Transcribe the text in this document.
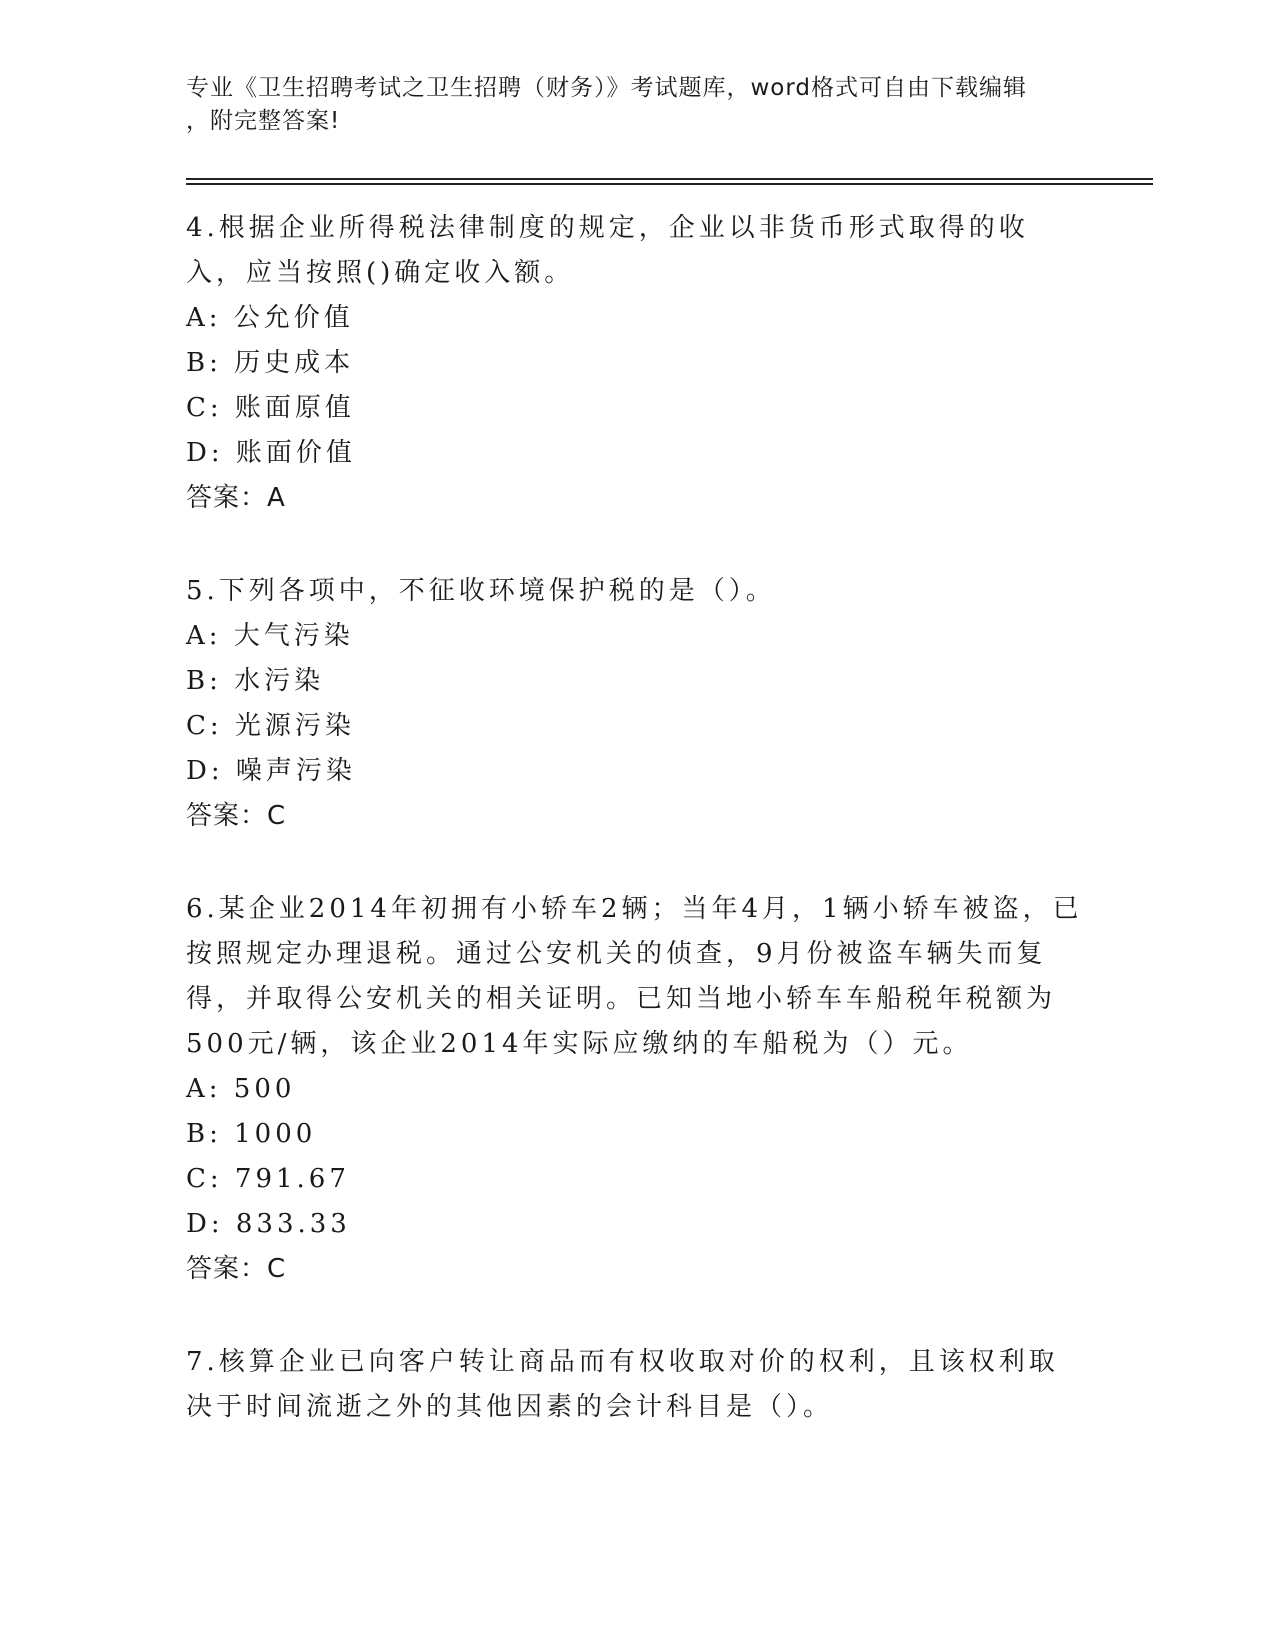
专业《卫生招聘考试之卫生招聘（财务）》考试题库，word格式可自由下载编辑
，附完整答案!

4.根据企业所得税法律制度的规定，企业以非货币形式取得的收入，应当按照()确定收入额。

A: 公允价值
B: 历史成本
C: 账面原值
D: 账面价值
答案：A

5.下列各项中，不征收环境保护税的是（）。

A: 大气污染
B: 水污染
C: 光源污染
D: 噪声污染
答案：C

6.某企业2014年初拥有小轿车2辆；当年4月，1辆小轿车被盗，已按照规定办理退税。通过公安机关的侦查，9月份被盗车辆失而复得，并取得公安机关的相关证明。已知当地小轿车车船税年税额为500元/辆，该企业2014年实际应缴纳的车船税为（）元。

A: 500
B: 1000
C: 791.67
D: 833.33
答案：C

7.核算企业已向客户转让商品而有权收取对价的权利，且该权利取决于时间流逝之外的其他因素的会计科目是（）。
